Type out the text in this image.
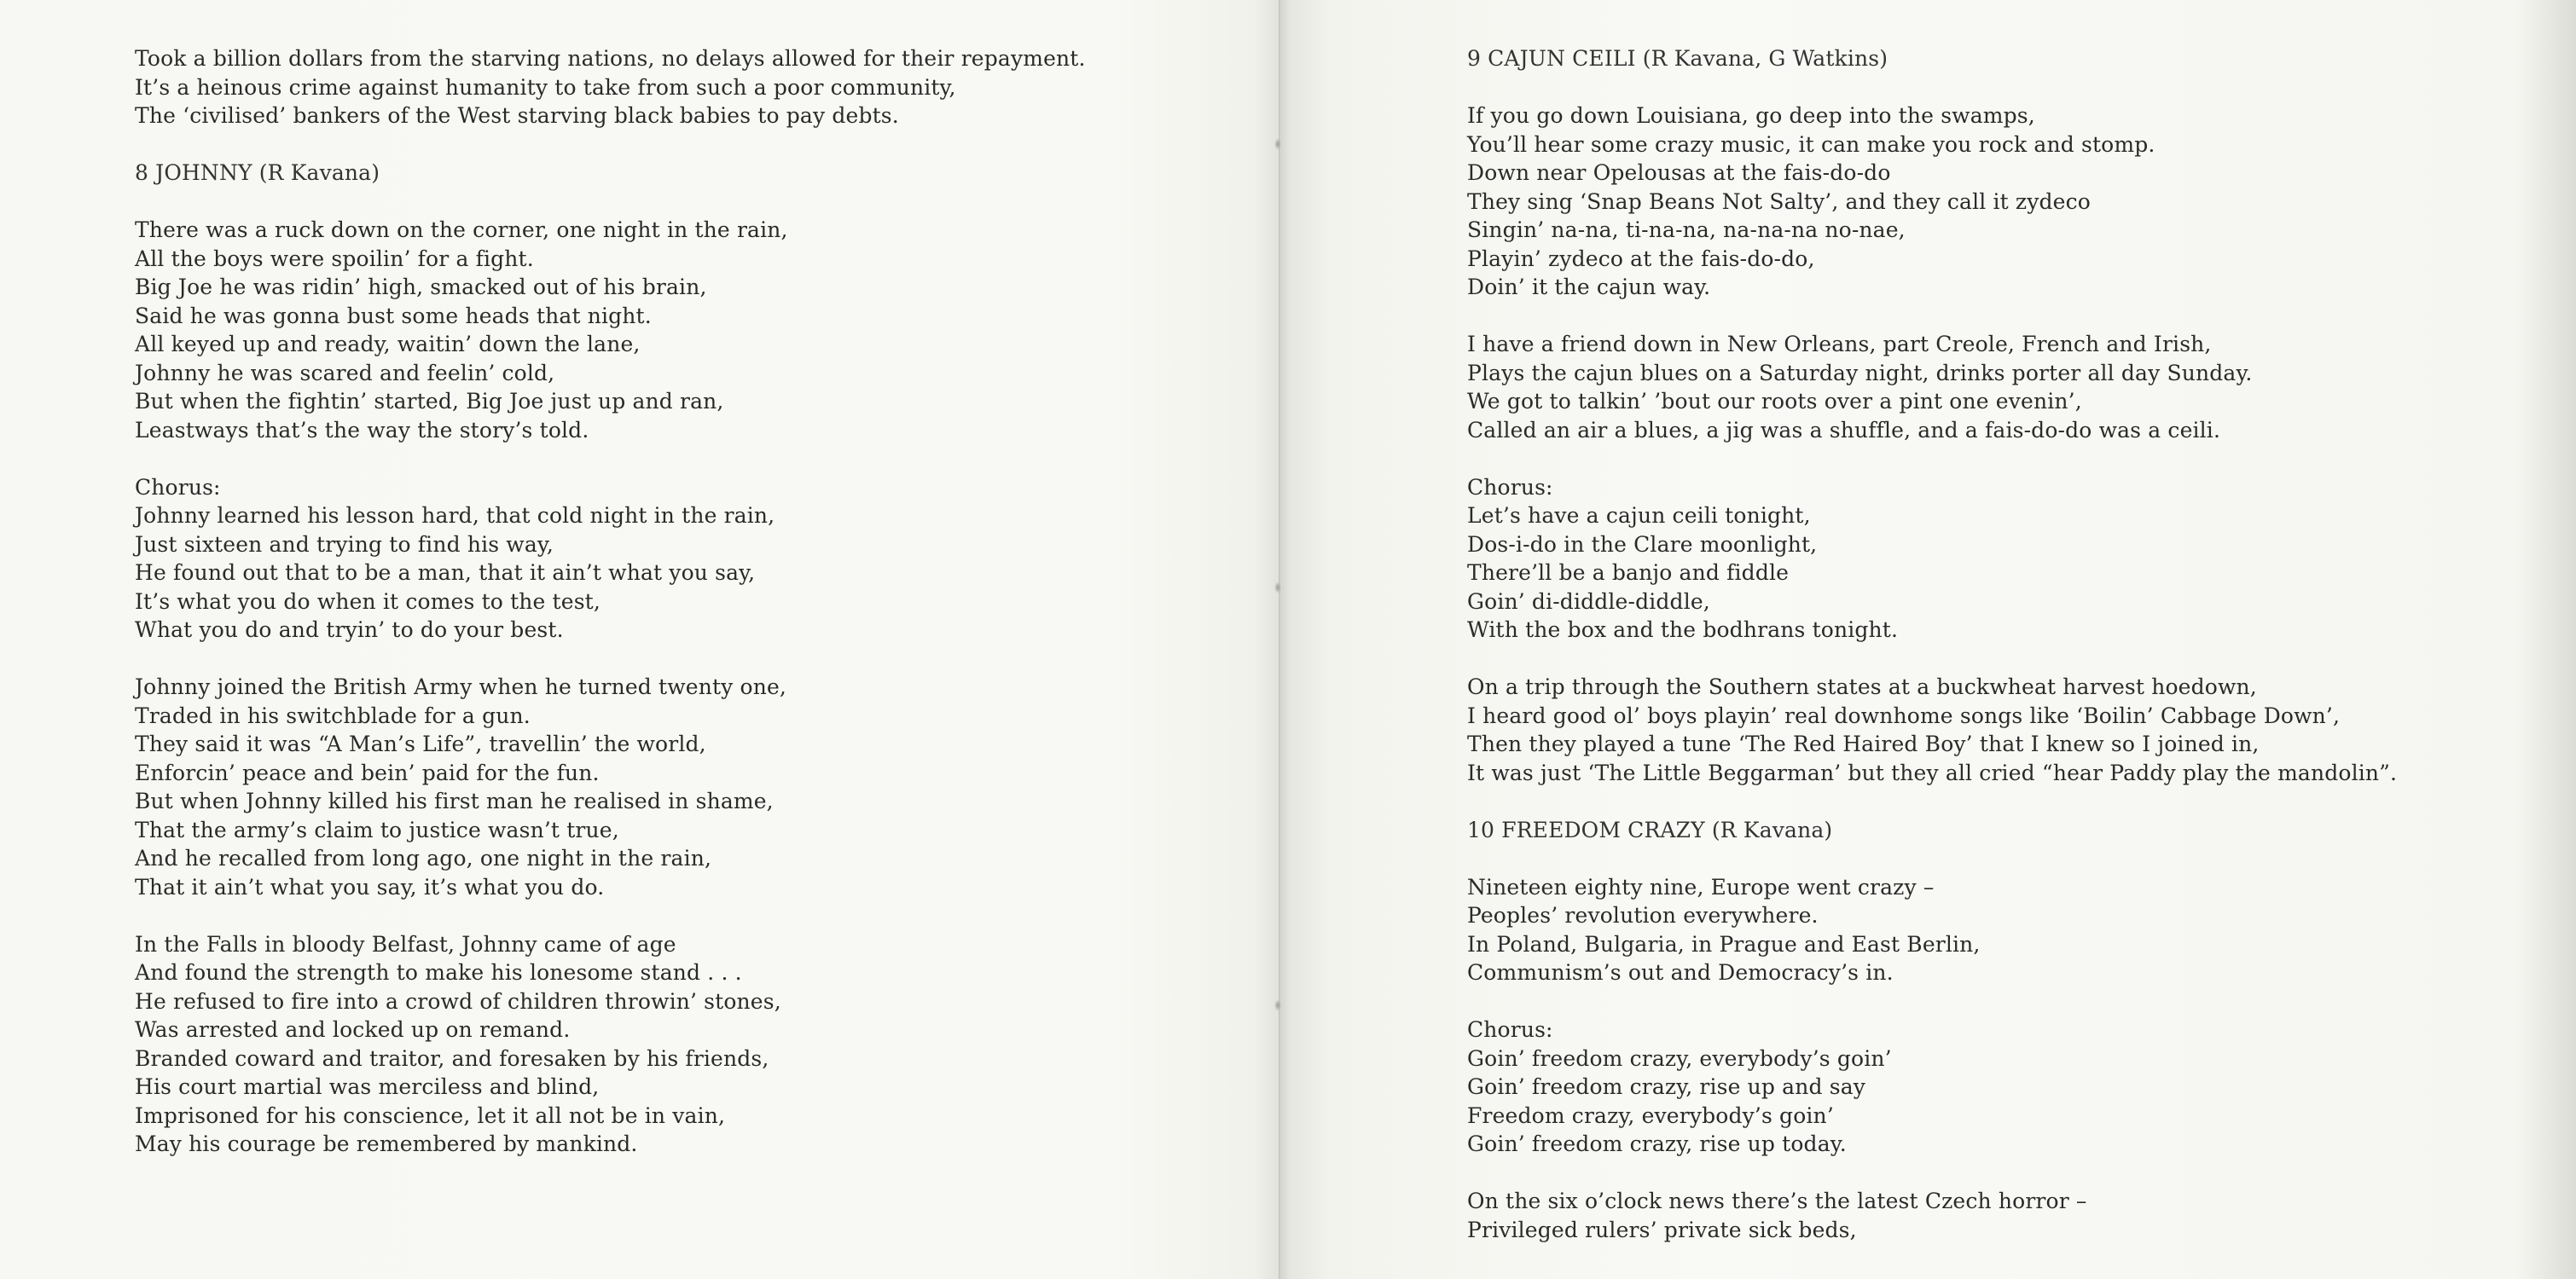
Took a billion dollars from the starving nations, no delays allowed for their repayment.
It’s a heinous crime against humanity to take from such a poor community,
The ‘civilised’ bankers of the West starving black babies to pay debts.
8 JOHNNY (R Kavana)
There was a ruck down on the corner, one night in the rain,
All the boys were spoilin’ for a fight.
Big Joe he was ridin’ high, smacked out of his brain,
Said he was gonna bust some heads that night.
All keyed up and ready, waitin’ down the lane,
Johnny he was scared and feelin’ cold,
But when the fightin’ started, Big Joe just up and ran,
Leastways that’s the way the story’s told.
Chorus:
Johnny learned his lesson hard, that cold night in the rain,
Just sixteen and trying to find his way,
He found out that to be a man, that it ain’t what you say,
It’s what you do when it comes to the test,
What you do and tryin’ to do your best.
Johnny joined the British Army when he turned twenty one,
Traded in his switchblade for a gun.
They said it was “A Man’s Life”, travellin’ the world,
Enforcin’ peace and bein’ paid for the fun.
But when Johnny killed his first man he realised in shame,
That the army’s claim to justice wasn’t true,
And he recalled from long ago, one night in the rain,
That it ain’t what you say, it’s what you do.
In the Falls in bloody Belfast, Johnny came of age
And found the strength to make his lonesome stand . . .
He refused to fire into a crowd of children throwin’ stones,
Was arrested and locked up on remand.
Branded coward and traitor, and foresaken by his friends,
His court martial was merciless and blind,
Imprisoned for his conscience, let it all not be in vain,
May his courage be remembered by mankind.
9 CAJUN CEILI (R Kavana, G Watkins)
If you go down Louisiana, go deep into the swamps,
You’ll hear some crazy music, it can make you rock and stomp.
Down near Opelousas at the fais-do-do
They sing ‘Snap Beans Not Salty’, and they call it zydeco
Singin’ na-na, ti-na-na, na-na-na no-nae,
Playin’ zydeco at the fais-do-do,
Doin’ it the cajun way.
I have a friend down in New Orleans, part Creole, French and Irish,
Plays the cajun blues on a Saturday night, drinks porter all day Sunday.
We got to talkin’ ’bout our roots over a pint one evenin’,
Called an air a blues, a jig was a shuffle, and a fais-do-do was a ceili.
Chorus:
Let’s have a cajun ceili tonight,
Dos-i-do in the Clare moonlight,
There’ll be a banjo and fiddle
Goin’ di-diddle-diddle,
With the box and the bodhrans tonight.
On a trip through the Southern states at a buckwheat harvest hoedown,
I heard good ol’ boys playin’ real downhome songs like ‘Boilin’ Cabbage Down’,
Then they played a tune ‘The Red Haired Boy’ that I knew so I joined in,
It was just ‘The Little Beggarman’ but they all cried “hear Paddy play the mandolin”.
10 FREEDOM CRAZY (R Kavana)
Nineteen eighty nine, Europe went crazy –
Peoples’ revolution everywhere.
In Poland, Bulgaria, in Prague and East Berlin,
Communism’s out and Democracy’s in.
Chorus:
Goin’ freedom crazy, everybody’s goin’
Goin’ freedom crazy, rise up and say
Freedom crazy, everybody’s goin’
Goin’ freedom crazy, rise up today.
On the six o’clock news there’s the latest Czech horror –
Privileged rulers’ private sick beds,
